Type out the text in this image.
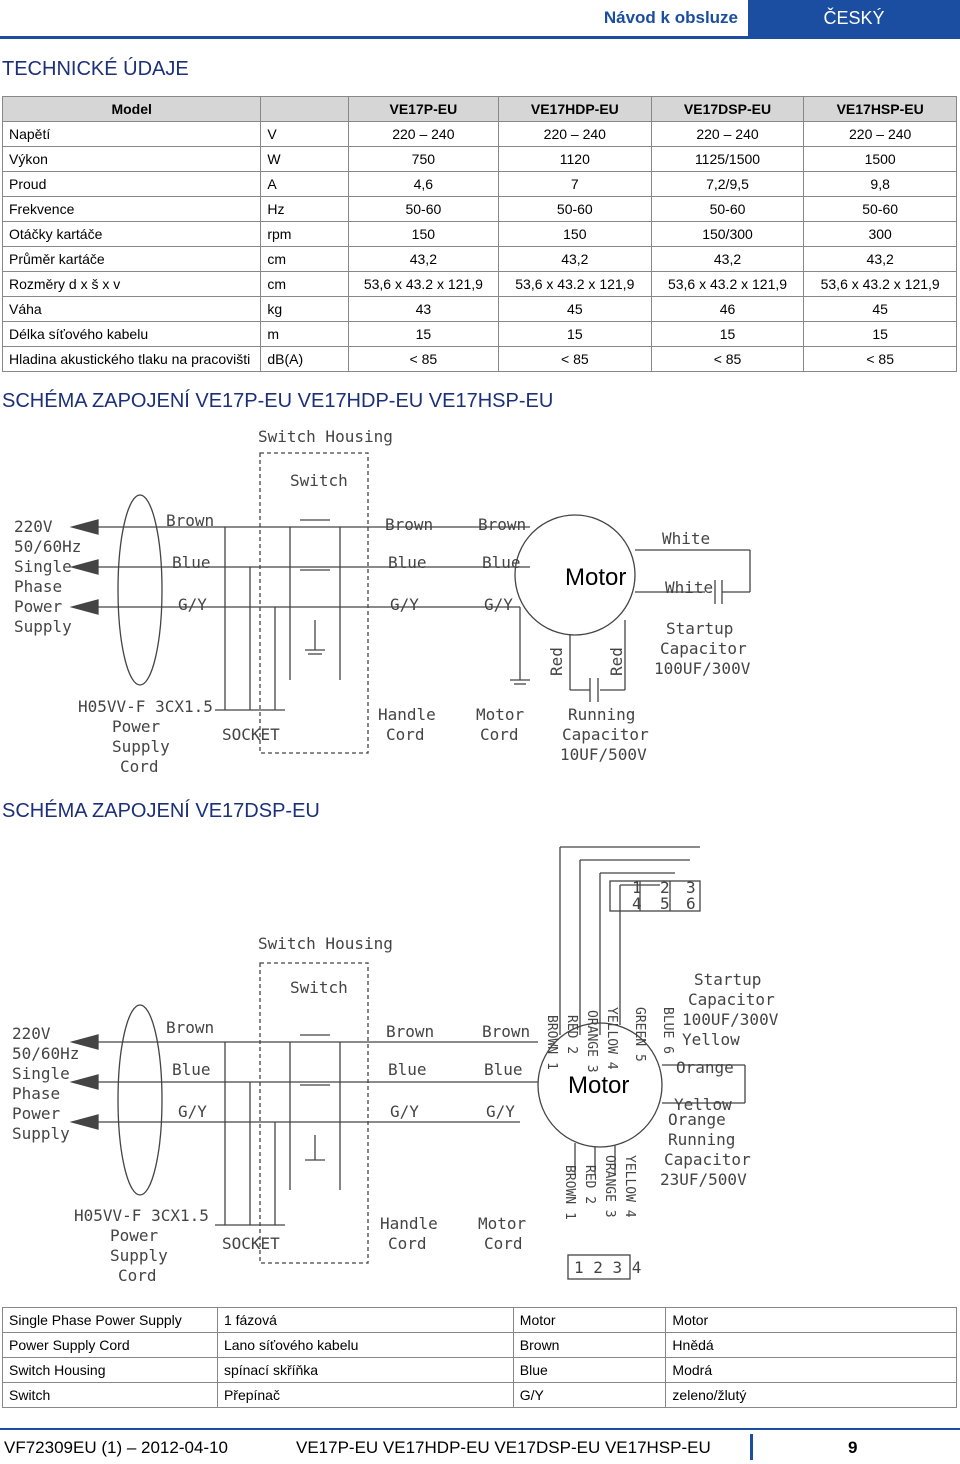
Návod k obsluze	ČESKÝ
TECHNICKÉ ÚDAJE
Model		VE17P-EU	VE17HDP-EU	VE17DSP-EU	VE17HSP-EU
Napětí	V	220 – 240	220 – 240	220 – 240	220 – 240
Výkon	W	750	1120	1125/1500	1500
Proud	A	4,6	7	7,2/9,5	9,8
Frekvence	Hz	50-60	50-60	50-60	50-60
Otáčky kartáče	rpm	150	150	150/300	300
Průměr kartáče	cm	43,2	43,2	43,2	43,2
Rozměry d x š x v	cm	53,6 x 43.2 x 121,9	53,6 x 43.2 x 121,9	53,6 x 43.2 x 121,9	53,6 x 43.2 x 121,9
Váha	kg	43	45	46	45
Délka síťového kabelu	m	15	15	15	15
Hladina akustického tlaku na pracovišti	dB(A)	< 85	< 85	< 85	< 85
SCHÉMA ZAPOJENÍ VE17P-EU VE17HDP-EU VE17HSP-EU
Switch Housing
Switch
220V
50/60Hz
Single
Phase
Power
Supply
Brown
Blue
G/Y
Brown
Blue
G/Y
Brown
Blue
G/Y
Motor
White
White
Startup
Capacitor
100UF/300V
Red	Red
H05VV-F 3CX1.5
Power
Supply
Cord
SOCKET
Handle
Cord
Motor
Cord
Running
Capacitor
10UF/500V
SCHÉMA ZAPOJENÍ VE17DSP-EU
Switch Housing
Switch
220V
50/60Hz
Single
Phase
Power
Supply
Brown
Blue
G/Y
Brown
Blue
G/Y
Brown
Blue
G/Y
Motor
1 2 3
4 5 6
BROWN 1 RED 2 ORANGE 3 YELLOW 4 GREEN 5 BLUE 6
Startup
Capacitor
100UF/300V
Yellow
Orange
Yellow
Orange
Running
Capacitor
23UF/500V
BROWN 1 RED 2 ORANGE 3 YELLOW 4
1 2 3 4
H05VV-F 3CX1.5
Power
Supply
Cord
SOCKET
Handle
Cord
Motor
Cord
Single Phase Power Supply	1 fázová	Motor	Motor
Power Supply Cord	Lano síťového kabelu	Brown	Hnědá
Switch Housing	spínací skříňka	Blue	Modrá
Switch	Přepínač	G/Y	zeleno/žlutý
VF72309EU (1) – 2012-04-10	VE17P-EU VE17HDP-EU VE17DSP-EU VE17HSP-EU	9
